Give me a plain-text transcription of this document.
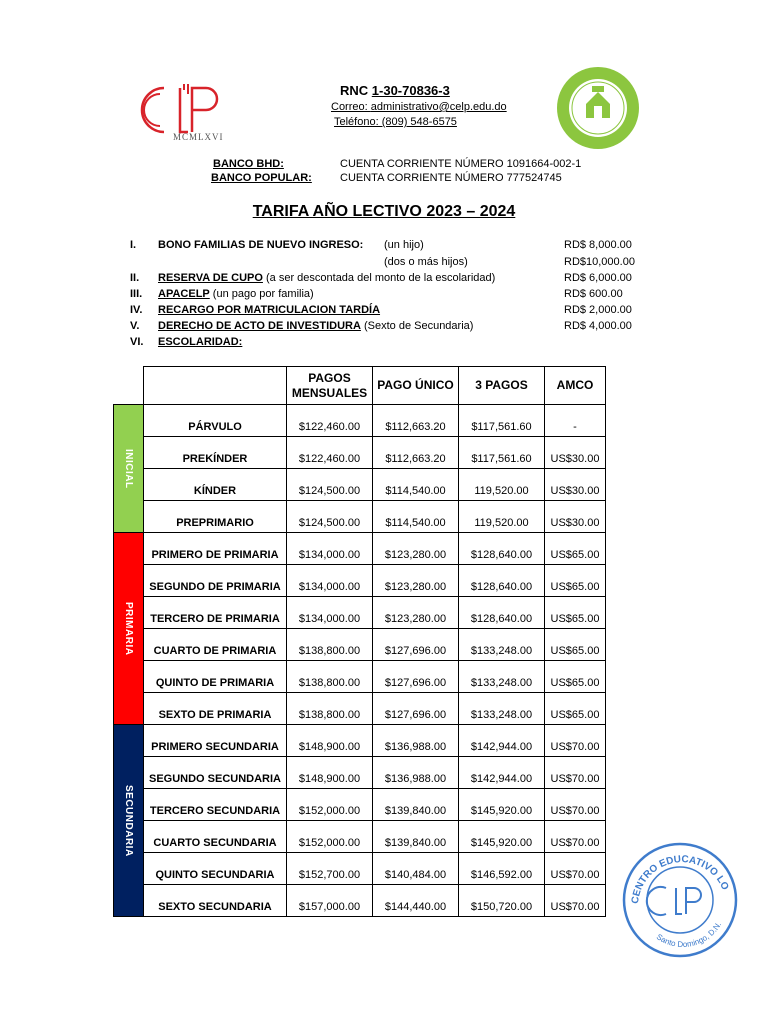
MCMLXVI
RNC 1-30-70836-3
Correo: administrativo@celp.edu.do
Teléfono: (809) 548-6575
BANCO BHD:	CUENTA CORRIENTE NÚMERO 1091664-002-1
BANCO POPULAR:	CUENTA CORRIENTE NÚMERO 777524745
TARIFA AÑO LECTIVO 2023 – 2024
I. BONO FAMILIAS DE NUEVO INGRESO: (un hijo)	RD$ 8,000.00
(dos o más hijos)	RD$10,000.00
II. RESERVA DE CUPO (a ser descontada del monto de la escolaridad)	RD$ 6,000.00
III. APACELP (un pago por familia)	RD$ 600.00
IV. RECARGO POR MATRICULACION TARDÍA	RD$ 2,000.00
V. DERECHO DE ACTO DE INVESTIDURA (Sexto de Secundaria)	RD$ 4,000.00
VI. ESCOLARIDAD:
		PAGOS MENSUALES	PAGO ÚNICO	3 PAGOS	AMCO

INICIAL	PÁRVULO	$122,460.00	$112,663.20	$117,561.60	-
	PREKÍNDER	$122,460.00	$112,663.20	$117,561.60	US$30.00
	KÍNDER	$124,500.00	$114,540.00	119,520.00	US$30.00
	PREPRIMARIO	$124,500.00	$114,540.00	119,520.00	US$30.00

PRIMARIA	PRIMERO DE PRIMARIA	$134,000.00	$123,280.00	$128,640.00	US$65.00
	SEGUNDO DE PRIMARIA	$134,000.00	$123,280.00	$128,640.00	US$65.00
	TERCERO DE PRIMARIA	$134,000.00	$123,280.00	$128,640.00	US$65.00
	CUARTO DE PRIMARIA	$138,800.00	$127,696.00	$133,248.00	US$65.00
	QUINTO DE PRIMARIA	$138,800.00	$127,696.00	$133,248.00	US$65.00
	SEXTO DE PRIMARIA	$138,800.00	$127,696.00	$133,248.00	US$65.00

SECUNDARIA	PRIMERO SECUNDARIA	$148,900.00	$136,988.00	$142,944.00	US$70.00
	SEGUNDO SECUNDARIA	$148,900.00	$136,988.00	$142,944.00	US$70.00
	TERCERO SECUNDARIA	$152,000.00	$139,840.00	$145,920.00	US$70.00
	CUARTO SECUNDARIA	$152,000.00	$139,840.00	$145,920.00	US$70.00
	QUINTO SECUNDARIA	$152,700.00	$140,484.00	$146,592.00	US$70.00
	SEXTO SECUNDARIA	$157,000.00	$144,440.00	$150,720.00	US$70.00
CENTRO EDUCATIVO LO
Santo Domingo, D.N.
